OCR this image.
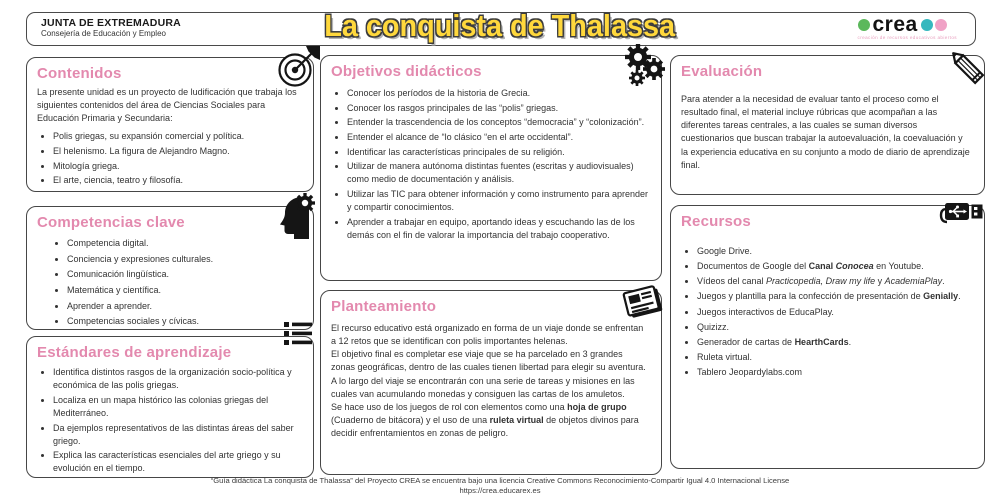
JUNTA DE EXTREMADURA
Consejería de Educación y Empleo	crea
creación de recursos educativos abiertos
La conquista de Thalassa
Contenidos

La presente unidad es un proyecto de ludificación que trabaja los siguientes contenidos del área de Ciencias Sociales para Educación Primaria y Secundaria:

• Polis griegas, su expansión comercial y política.
• El helenismo. La figura de Alejandro Magno.
• Mitología griega.
• El arte, ciencia, teatro y filosofía.
Competencias clave
• Competencia digital.
• Conciencia y expresiones culturales.
• Comunicación lingüística.
• Matemática y científica.
• Aprender a aprender.
• Competencias sociales y cívicas.
Estándares de aprendizaje
• Identifica distintos rasgos de la organización socio-política y económica de las polis griegas.
• Localiza en un mapa histórico las colonias griegas del Mediterráneo.
• Da ejemplos representativos de las distintas áreas del saber griego.
• Explica las características esenciales del arte griego y su evolución en el tiempo.
Objetivos didácticos
• Conocer los períodos de la historia de Grecia.
• Conocer los rasgos principales de las “polis” griegas.
• Entender la trascendencia de los conceptos “democracia” y “colonización”.
• Entender el alcance de “lo clásico “en el arte occidental”.
• Identificar las características principales de su religión.
• Utilizar de manera autónoma distintas fuentes (escritas y audiovisuales) como medio de documentación y análisis.
• Utilizar las TIC para obtener información y como instrumento para aprender y compartir conocimientos.
• Aprender a trabajar en equipo, aportando ideas y escuchando las de los demás con el fin de valorar la importancia del trabajo cooperativo.
Planteamiento

El recurso educativo está organizado en forma de un viaje donde se enfrentan a 12 retos que se identifican con polis importantes helenas.

El objetivo final es completar ese viaje que se ha parcelado en 3 grandes zonas geográficas, dentro de las cuales tienen libertad para elegir su aventura.

A lo largo del viaje se encontrarán con una serie de tareas y misiones en las cuales van acumulando monedas y consiguen las cartas de los amuletos.

Se hace uso de los juegos de rol con elementos como una hoja de grupo (Cuaderno de bitácora) y el uso de una ruleta virtual de objetos divinos para decidir enfrentamientos en zonas de peligro.

Evaluación

Para atender a la necesidad de evaluar tanto el proceso como el resultado final, el material incluye rúbricas que acompañan a las diferentes tareas centrales, a las cuales se suman diversos cuestionarios que buscan trabajar la autoevaluación, la coevaluación y la experiencia educativa en su conjunto a modo de diario de aprendizaje final.

Recursos
• Google Drive.
• Documentos de Google del Canal Conocea en Youtube.
• Vídeos del canal Practicopedia, Draw my life y AcademiaPlay.
• Juegos y plantilla para la confección de presentación de Genially.
• Juegos interactivos de EducaPlay.
• Quizizz.
• Generador de cartas de HearthCards.
• Ruleta virtual.
• Tablero Jeopardylabs.com
“Guía didáctica La conquista de Thalassa” del Proyecto CREA se encuentra bajo una licencia Creative Commons Reconocimiento-Compartir Igual 4.0 Internacional License
https://crea.educarex.es
